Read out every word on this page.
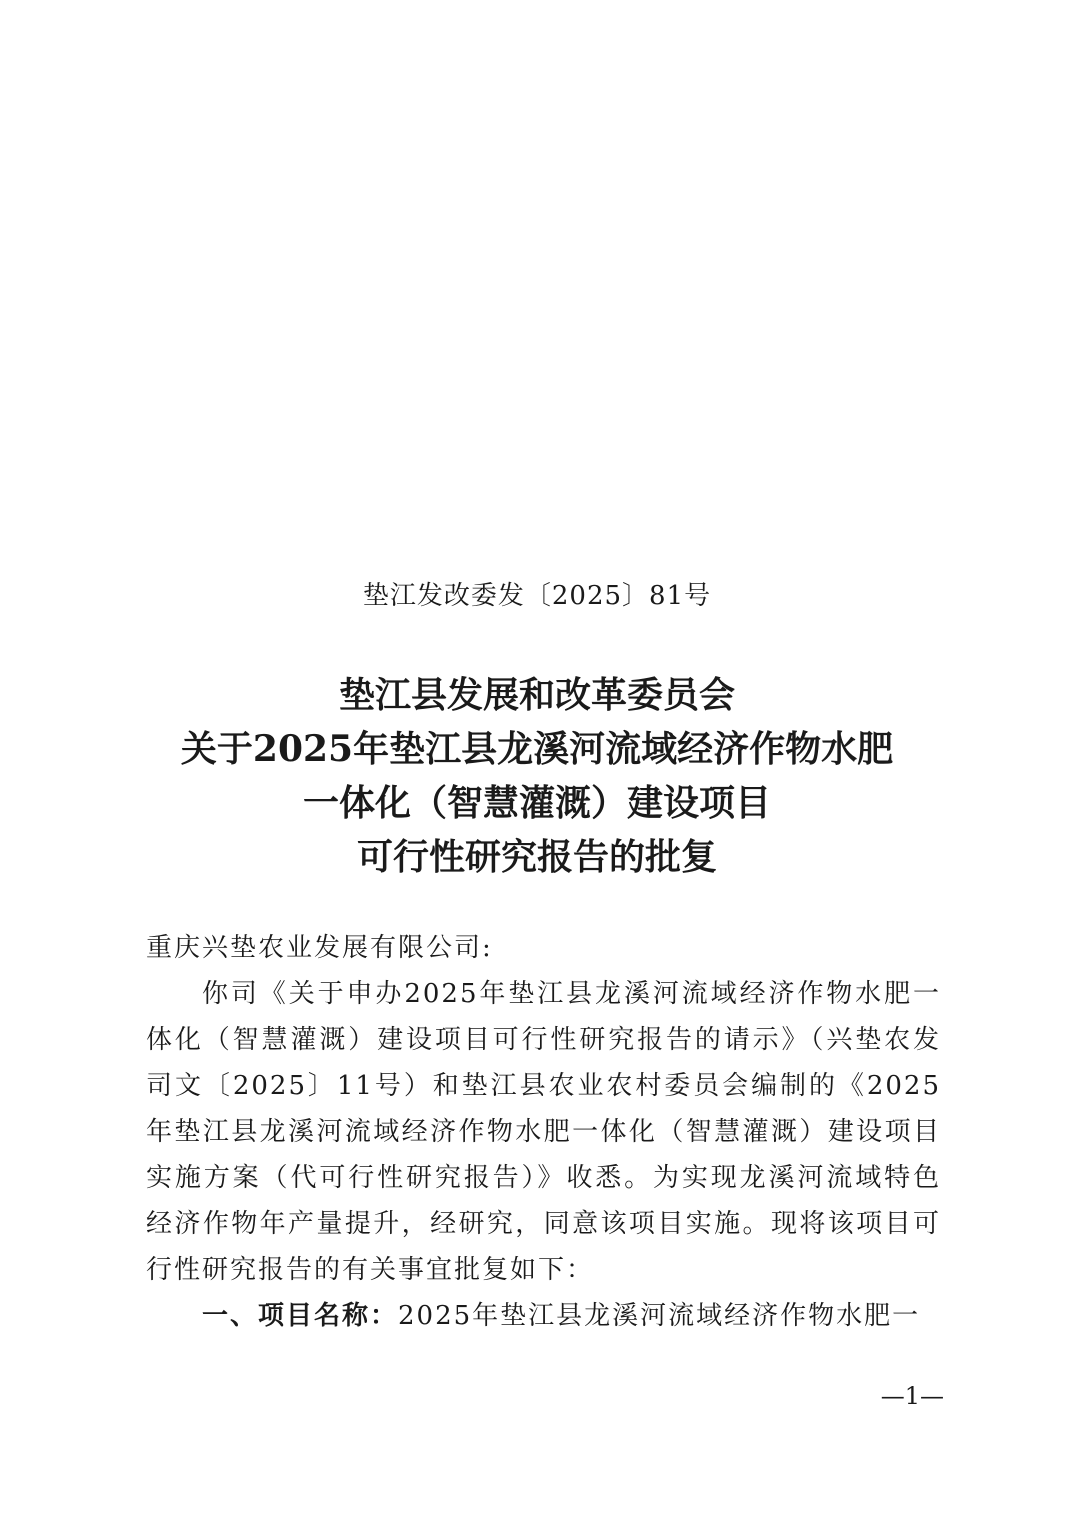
垫江发改委发〔2025〕81号
垫江县发展和改革委员会
关于2025年垫江县龙溪河流域经济作物水肥
一体化（智慧灌溉）建设项目
可行性研究报告的批复

重庆兴垫农业发展有限公司:

你司《关于申办2025年垫江县龙溪河流域经济作物水肥一体化（智慧灌溉）建设项目可行性研究报告的请示》（兴垫农发司文〔2025〕11号）和垫江县农业农村委员会编制的《2025年垫江县龙溪河流域经济作物水肥一体化（智慧灌溉）建设项目实施方案（代可行性研究报告）》收悉。为实现龙溪河流域特色经济作物年产量提升，经研究，同意该项目实施。现将该项目可行性研究报告的有关事宜批复如下：

一、项目名称：2025年垫江县龙溪河流域经济作物水肥一

—1—
